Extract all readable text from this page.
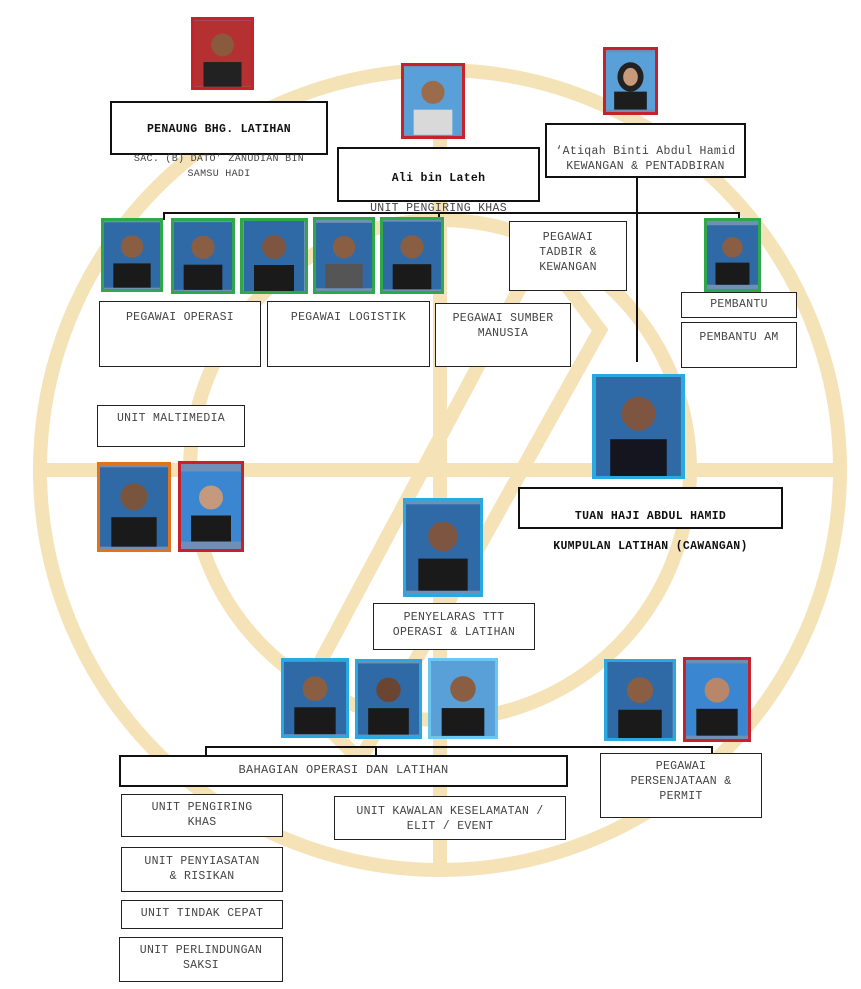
PENAUNG BHG. LATIHAN

SAC. (B) DATO’ ZANUDIAN BIN
SAMSU HADI	Ali bin Lateh

UNIT PENGIRING KHAS

‘Atiqah Binti Abdul Hamid
KEWANGAN & PENTADBIRAN

PEGAWAI OPERASI	PEGAWAI LOGISTIK	PEGAWAI SUMBER
MANUSIA
PEGAWAI
TADBIR &
KEWANGAN
PEMBANTU
PEMBANTU AM
UNIT MALTIMEDIA

TUAN HAJI ABDUL HAMID

KUMPULAN LATIHAN (CAWANGAN)

PENYELARAS TTT
OPERASI & LATIHAN
BAHAGIAN OPERASI DAN LATIHAN	PEGAWAI
PERSENJATAAN &
PERMIT
UNIT KAWALAN KESELAMATAN /
ELIT / EVENT
UNIT PENGIRING
KHAS
UNIT PENYIASATAN
& RISIKAN
UNIT TINDAK CEPAT
UNIT PERLINDUNGAN
SAKSI
